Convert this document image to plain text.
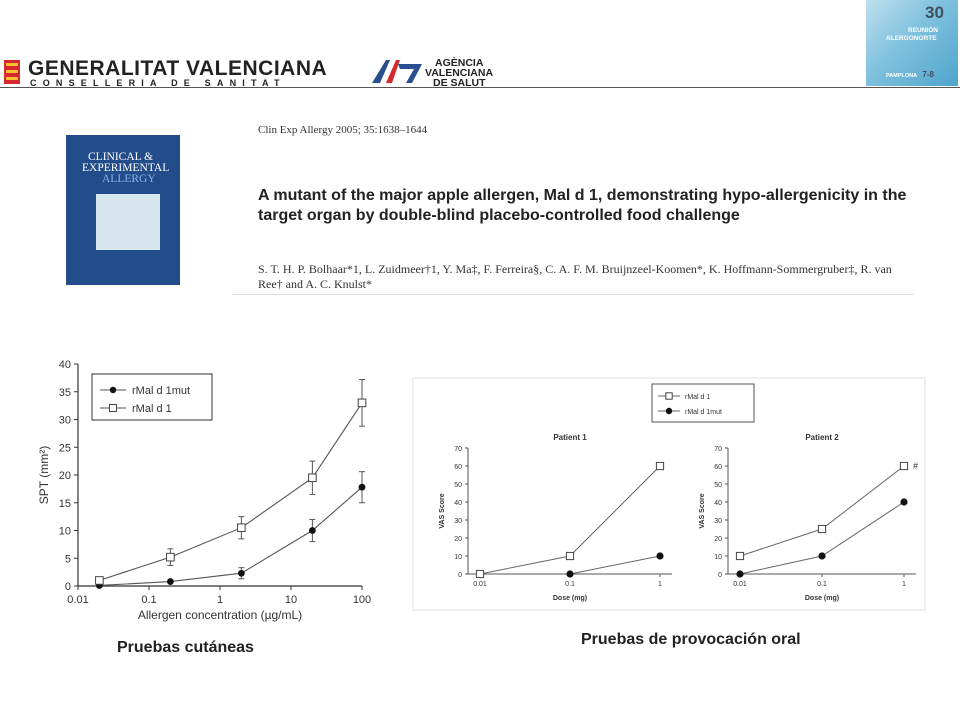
GENERALITAT VALENCIANA
CONSELLERIA DE SANITAT
AGÈNCIA
VALENCIANA
DE SALUT
30
REUNIÓN
ALERGONORTE
PAMPLONA 7-8
CLINICAL &
EXPERIMENTAL
ALLERGY
Clin Exp Allergy 2005; 35:1638–1644
A mutant of the major apple allergen, Mal d 1, demonstrating hypo-allergenicity in the target organ by double-blind placebo-controlled food challenge
S. T. H. P. Bolhaar*1, L. Zuidmeer†1, Y. Ma‡, F. Ferreira§, C. A. F. M. Bruijnzeel-Koomen*, K. Hoffmann-Sommergruber‡, R. van Ree† and A. C. Knulst*
0
5
10
15
20
25
30
35
40
0.01	0.1	1	10	100
SPT (mm²)
Allergen concentration (µg/mL)
rMal d 1mut
rMal d 1
Patient 1
0
10
20
30
40
50
60
70
0.01	0.1	1
VAS Score
Dose (mg)
rMal d 1
rMal d 1mut
Patient 2
0
10
20
30
40
50
60
70
0.01	0.1	1
VAS Score
Dose (mg)
#
Pruebas cutáneas	Pruebas de provocación oral
